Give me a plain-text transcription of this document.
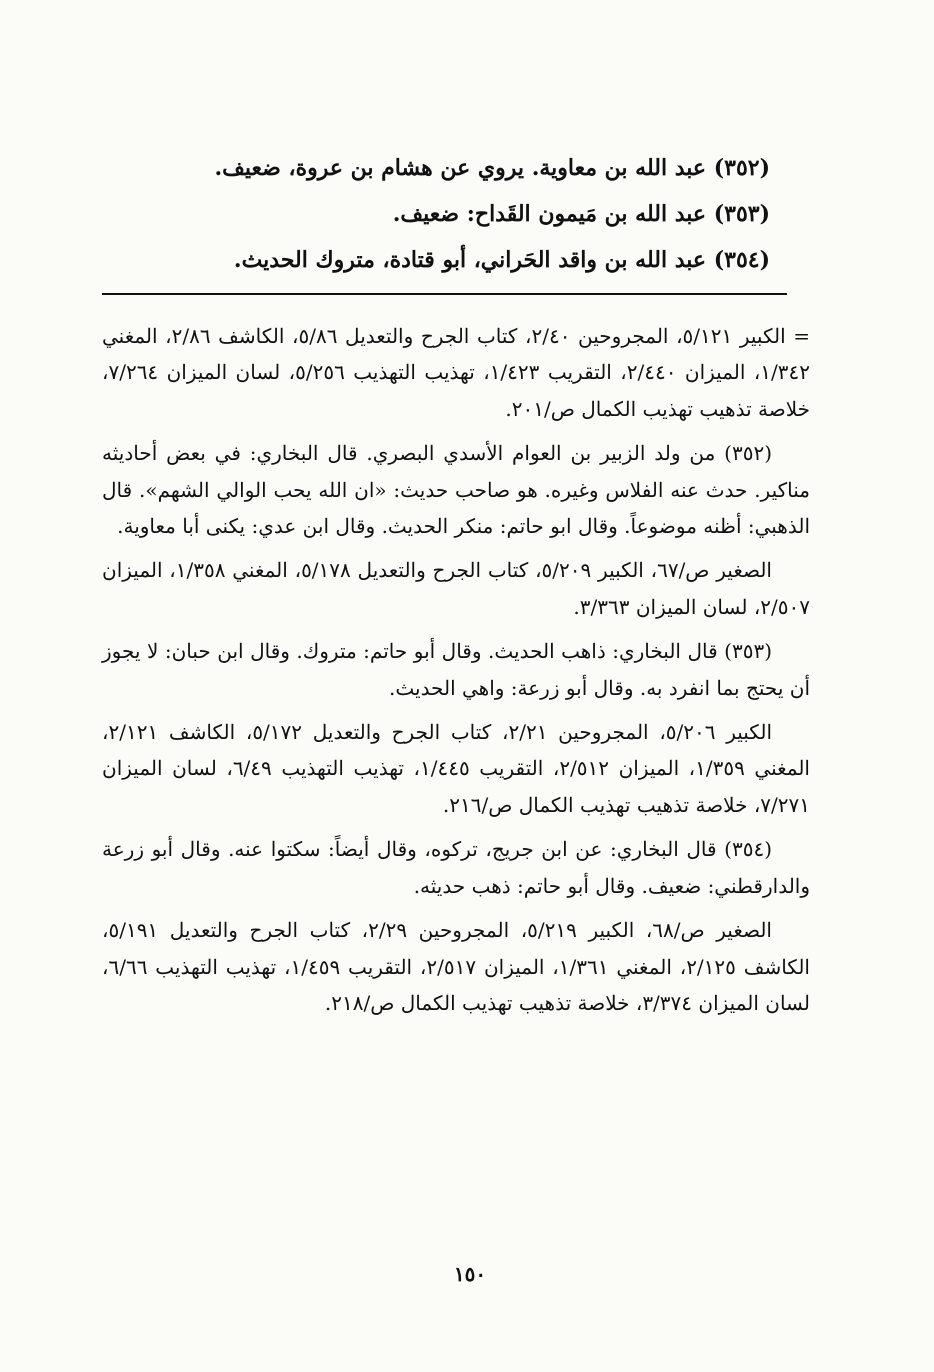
(٣٥٢) عبد الله بن معاوية. يروي عن هشام بن عروة، ضعيف.
(٣٥٣) عبد الله بن مَيمون القَداح: ضعيف.
(٣٥٤) عبد الله بن واقد الحَراني، أبو قتادة، متروك الحديث.

= الكبير ٥/١٢١، المجروحين ٢/٤٠، كتاب الجرح والتعديل ٥/٨٦، الكاشف ٢/٨٦، المغني ١/٣٤٢، الميزان ٢/٤٤٠، التقريب ١/٤٢٣، تهذيب التهذيب ٥/٢٥٦، لسان الميزان ٧/٢٦٤، خلاصة تذهيب تهذيب الكمال ص/٢٠١.

(٣٥٢) من ولد الزبير بن العوام الأسدي البصري. قال البخاري: في بعض أحاديثه مناكير. حدث عنه الفلاس وغيره. هو صاحب حديث: «ان الله يحب الوالي الشهم». قال الذهبي: أظنه موضوعاً. وقال ابو حاتم: منكر الحديث. وقال ابن عدي: يكنى أبا معاوية.

الصغير ص/٦٧، الكبير ٥/٢٠٩، كتاب الجرح والتعديل ٥/١٧٨، المغني ١/٣٥٨، الميزان ٢/٥٠٧، لسان الميزان ٣/٣٦٣.

(٣٥٣) قال البخاري: ذاهب الحديث. وقال أبو حاتم: متروك. وقال ابن حبان: لا يجوز أن يحتج بما انفرد به. وقال أبو زرعة: واهي الحديث.

الكبير ٥/٢٠٦، المجروحين ٢/٢١، كتاب الجرح والتعديل ٥/١٧٢، الكاشف ٢/١٢١، المغني ١/٣٥٩، الميزان ٢/٥١٢، التقريب ١/٤٤٥، تهذيب التهذيب ٦/٤٩، لسان الميزان ٧/٢٧١، خلاصة تذهيب تهذيب الكمال ص/٢١٦.

(٣٥٤) قال البخاري: عن ابن جريج، تركوه، وقال أيضاً: سكتوا عنه. وقال أبو زرعة والدارقطني: ضعيف. وقال أبو حاتم: ذهب حديثه.

الصغير ص/٦٨، الكبير ٥/٢١٩، المجروحين ٢/٢٩، كتاب الجرح والتعديل ٥/١٩١، الكاشف ٢/١٢٥، المغني ١/٣٦١، الميزان ٢/٥١٧، التقريب ١/٤٥٩، تهذيب التهذيب ٦/٦٦، لسان الميزان ٣/٣٧٤، خلاصة تذهيب تهذيب الكمال ص/٢١٨.

١٥٠
